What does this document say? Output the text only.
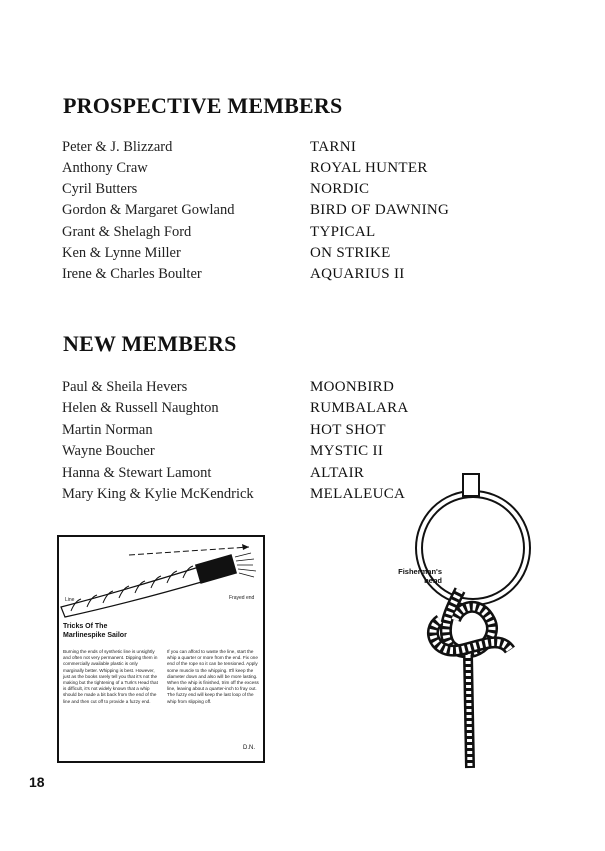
PROSPECTIVE MEMBERS
Peter & J. Blizzard	TARNI
Anthony Craw	ROYAL HUNTER
Cyril Butters	NORDIC
Gordon & Margaret Gowland	BIRD OF DAWNING
Grant & Shelagh Ford	TYPICAL
Ken & Lynne Miller	ON STRIKE
Irene & Charles Boulter	AQUARIUS II
NEW MEMBERS
Paul & Sheila Hevers	MOONBIRD
Helen & Russell Naughton	RUMBALARA
Martin Norman	HOT SHOT
Wayne Boucher	MYSTIC II
Hanna & Stewart Lamont	ALTAIR
Mary King & Kylie McKendrick	MELALEUCA
Line	Frayed end
Tricks Of The
Marlinespike Sailor
Burning the ends of synthetic line is unsightly and often not very permanent. Dipping them in commercially available plastic is only marginally better. Whipping is best. However, just as the books rarely tell you that it's not the making but the tightening of a Turk's Head that is difficult, it's not widely known that a whip should be made a bit back from the end of the line and then cut off to provide a fuzzy end.
If you can afford to waste the line, start the whip a quarter or more from the end. Fix one end of the rope so it can be tensioned. Apply some muscle to the whipping. It'll keep the diameter down and also will be more lasting. When the whip is finished, trim off the excess line, leaving about a quarter-inch to fray out. The fuzzy end will keep the last loop of the whip from slipping off.
D.N.
Fisherman's
bend
18
